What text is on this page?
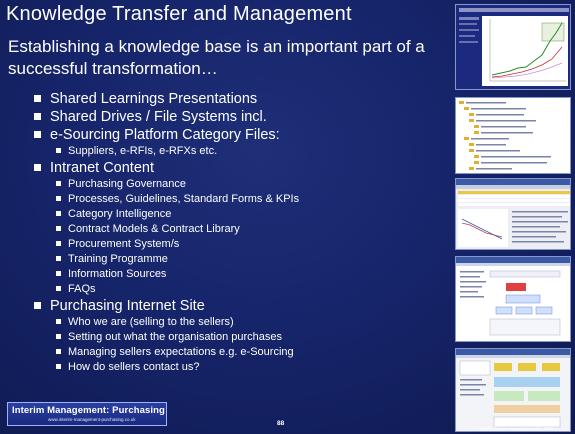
Knowledge Transfer and Management
Establishing a knowledge base is an important part of a successful transformation…
Shared Learnings Presentations
Shared Drives / File Systems incl.
e-Sourcing Platform Category Files:
Suppliers, e-RFIs, e-RFXs etc.
Intranet Content
Purchasing Governance
Processes, Guidelines, Standard Forms & KPIs
Category Intelligence
Contract Models & Contract Library
Procurement System/s
Training Programme
Information Sources
FAQs
Purchasing Internet Site
Who we are (selling to the sellers)
Setting out what the organisation purchases
Managing sellers expectations e.g. e-Sourcing
How do sellers contact us?
Interim Management: Purchasing
www.interim-management-purchasing.co.uk
88
© supply change management ltd. 2008
